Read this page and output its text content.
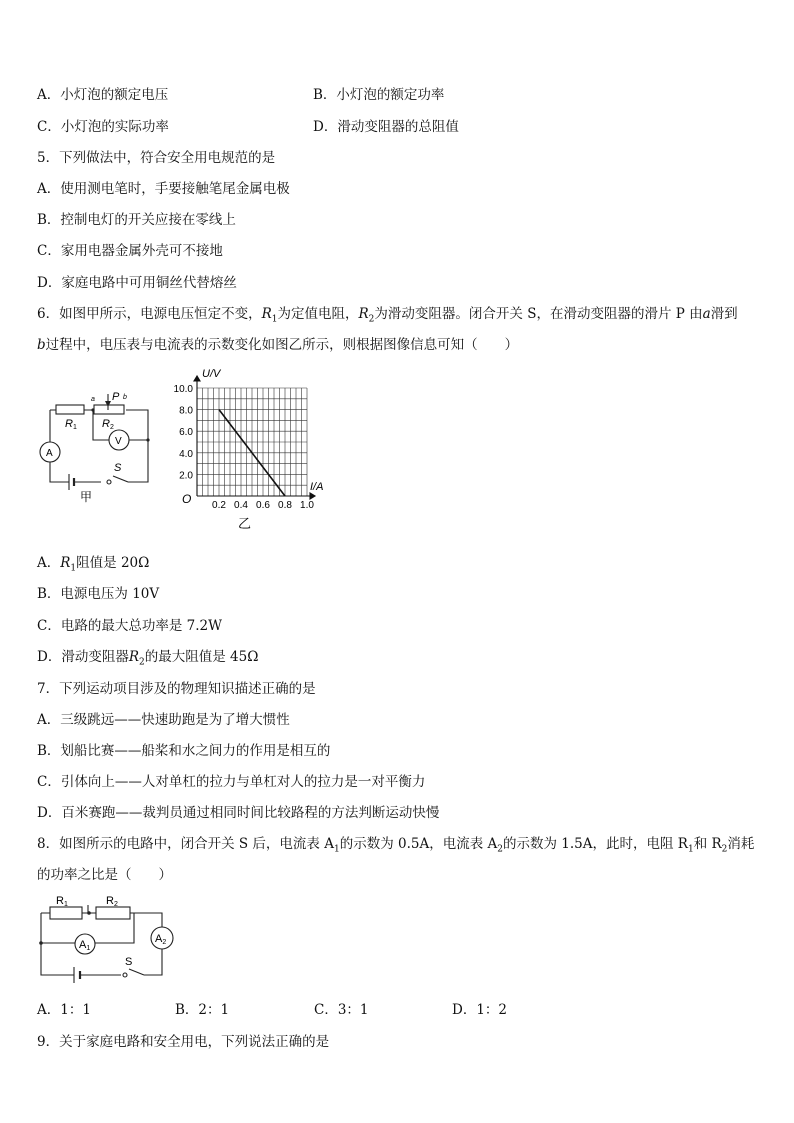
A．小灯泡的额定电压	B．小灯泡的额定功率
C．小灯泡的实际功率	D．滑动变阻器的总阻值
5．下列做法中，符合安全用电规范的是
A．使用测电笔时，手要接触笔尾金属电极
B．控制电灯的开关应接在零线上
C．家用电器金属外壳可不接地
D．家庭电路中可用铜丝代替熔丝
6．如图甲所示，电源电压恒定不变，$R_1$为定值电阻，$R_2$为滑动变阻器。闭合开关 S，在滑动变阻器的滑片 P 由a滑到
b过程中，电压表与电流表的示数变化如图乙所示，则根据图像信息可知（　　）
a P b
R1 R2
A
V
S
甲
0.2 0.4 0.6 0.8 1.0
10.0
8.0
6.0
4.0
2.0
U/V
I/A
O
乙
A．$R_1$阻值是 20Ω
B．电源电压为 10V
C．电路的最大总功率是 7.2W
D．滑动变阻器$R_2$的最大阻值是 45Ω
7．下列运动项目涉及的物理知识描述正确的是
A．三级跳远——快速助跑是为了增大惯性
B．划船比赛——船桨和水之间力的作用是相互的
C．引体向上——人对单杠的拉力与单杠对人的拉力是一对平衡力
D．百米赛跑——裁判员通过相同时间比较路程的方法判断运动快慢
8．如图所示的电路中，闭合开关 S 后，电流表 $A_1$的示数为 0.5A，电流表 $A_2$的示数为 1.5A，此时，电阻 $R_1$和 $R_2$消耗
的功率之比是（　　）
R1	R2
A1
A2
S
A．1：1	B．2：1	C．3：1	D．1：2
9．关于家庭电路和安全用电，下列说法正确的是
